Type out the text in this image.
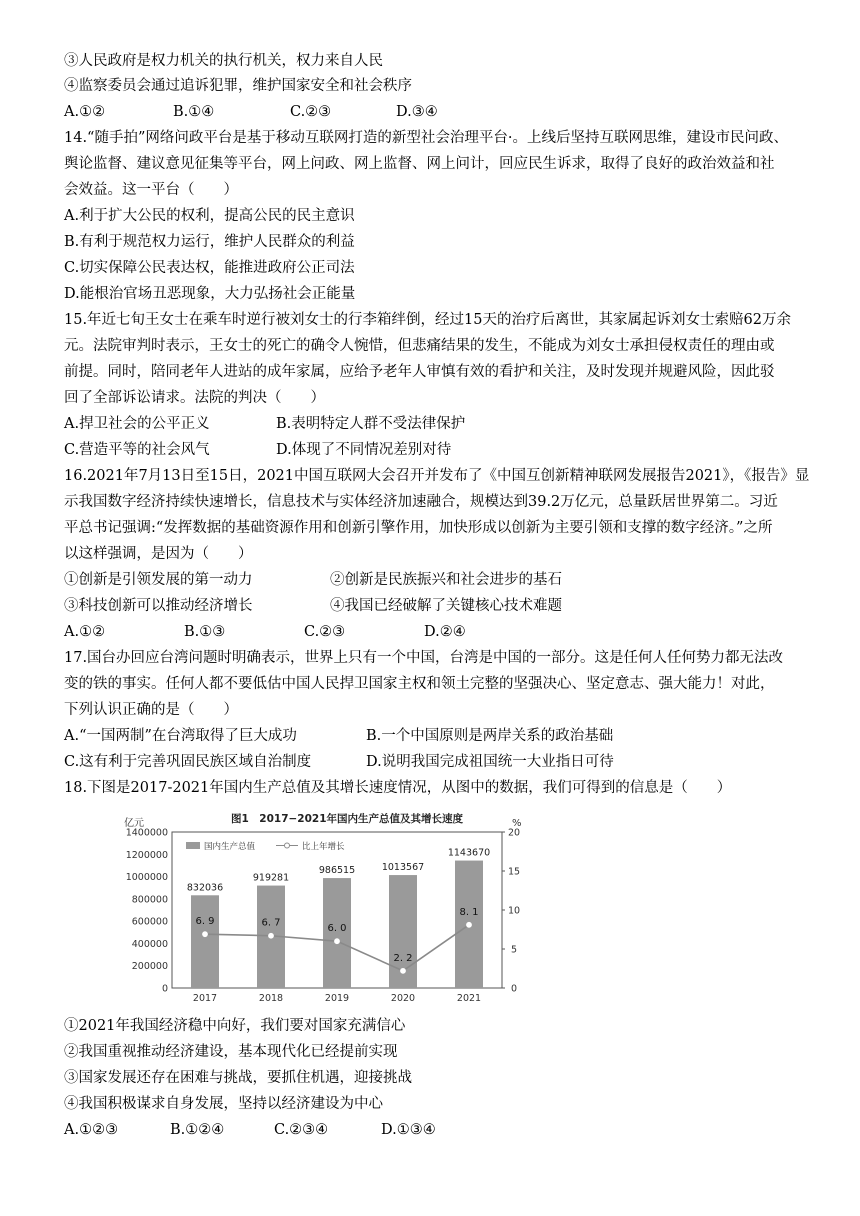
③人民政府是权力机关的执行机关，权力来自人民
④监察委员会通过追诉犯罪，维护国家安全和社会秩序
A.①②	B.①④	C.②③	D.③④
14.“随手拍”网络问政平台是基于移动互联网打造的新型社会治理平台·。上线后坚持互联网思维，建设市民问政、
舆论监督、建议意见征集等平台，网上问政、网上监督、网上问计，回应民生诉求，取得了良好的政治效益和社
会效益。这一平台（　　）
A.利于扩大公民的权利，提高公民的民主意识
B.有利于规范权力运行，维护人民群众的利益
C.切实保障公民表达权，能推进政府公正司法
D.能根治官场丑恶现象，大力弘扬社会正能量
15.年近七旬王女士在乘车时逆行被刘女士的行李箱绊倒，经过15天的治疗后离世，其家属起诉刘女士索赔62万余
元。法院审判时表示，王女士的死亡的确令人惋惜，但悲痛结果的发生，不能成为刘女士承担侵权责任的理由或
前提。同时，陪同老年人进站的成年家属，应给予老年人审慎有效的看护和关注，及时发现并规避风险，因此驳
回了全部诉讼请求。法院的判决（　　）
A.捍卫社会的公平正义	B.表明特定人群不受法律保护
C.营造平等的社会风气	D.体现了不同情况差别对待
16.2021年7月13日至15日，2021中国互联网大会召开并发布了《中国互创新精神联网发展报告2021》，《报告》显
示我国数字经济持续快速增长，信息技术与实体经济加速融合，规模达到39.2万亿元，总量跃居世界第二。习近
平总书记强调:“发挥数据的基础资源作用和创新引擎作用，加快形成以创新为主要引领和支撑的数字经济。”之所
以这样强调，是因为（　　）
①创新是引领发展的第一动力	②创新是民族振兴和社会进步的基石
③科技创新可以推动经济增长	④我国已经破解了关键核心技术难题
A.①②	B.①③	C.②③	D.②④
17.国台办回应台湾问题时明确表示，世界上只有一个中国，台湾是中国的一部分。这是任何人任何势力都无法改
变的铁的事实。任何人都不要低估中国人民捍卫国家主权和领土完整的坚强决心、坚定意志、强大能力！对此，
下列认识正确的是（　　）
A.“一国两制”在台湾取得了巨大成功	B.一个中国原则是两岸关系的政治基础
C.这有利于完善巩固民族区域自治制度	D.说明我国完成祖国统一大业指日可待
18.下图是2017-2021年国内生产总值及其增长速度情况，从图中的数据，我们可得到的信息是（　　）
图1　2017−2021年国内生产总值及其增长速度
亿元	%
0
200000
400000
600000
800000
1000000
1200000
1400000
0
5
10
15
20
国内生产总值	比上年增长
832036
2017
919281
2018
986515
2019
1013567
2020
1143670
2021
6. 9	6. 7	6. 0
2. 2
8. 1
①2021年我国经济稳中向好，我们要对国家充满信心
②我国重视推动经济建设，基本现代化已经提前实现
③国家发展还存在困难与挑战，要抓住机遇，迎接挑战
④我国积极谋求自身发展，坚持以经济建设为中心
A.①②③	B.①②④	C.②③④	D.①③④
